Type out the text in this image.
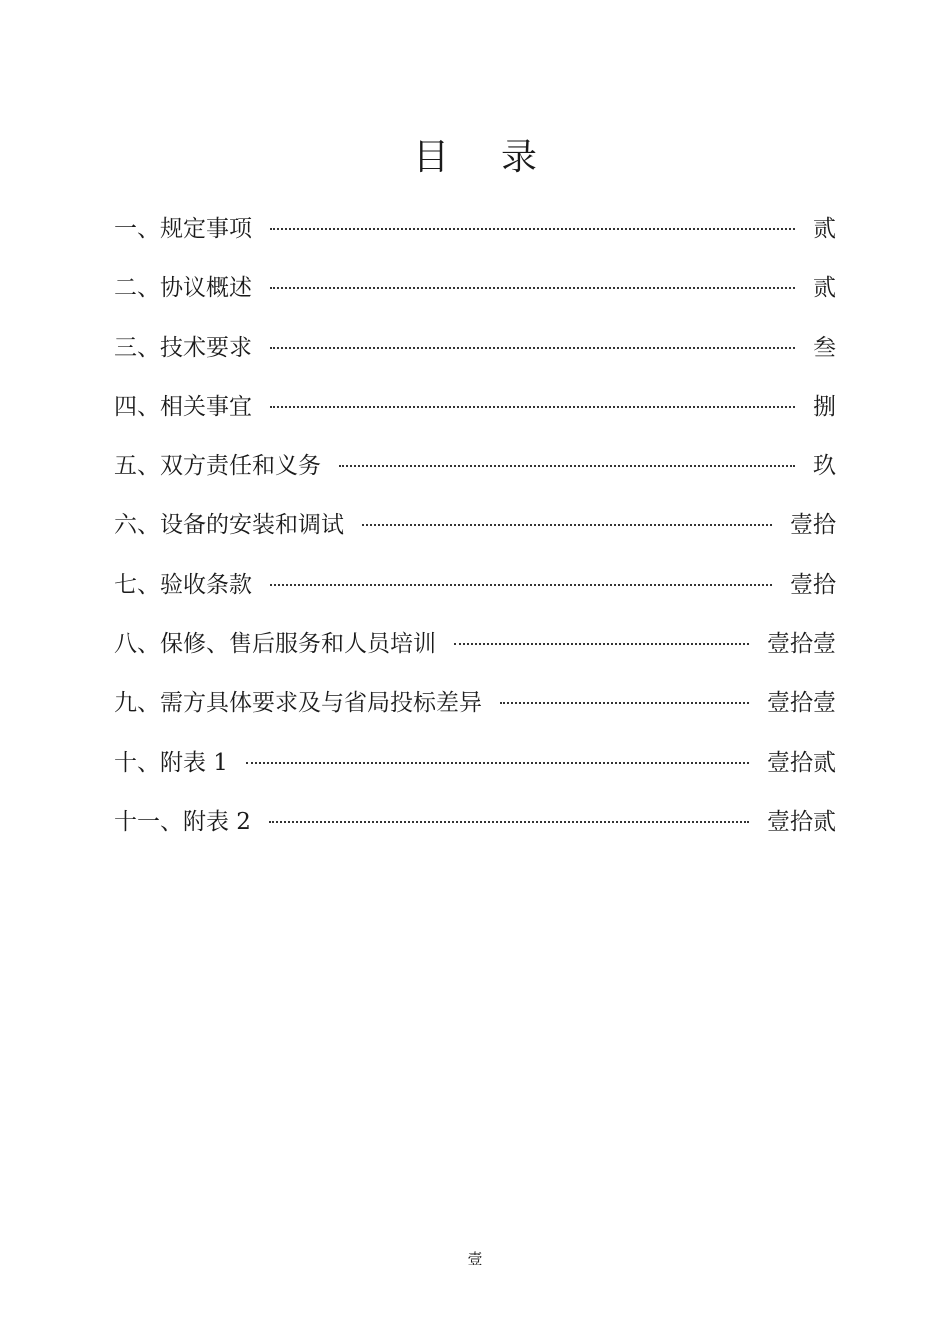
目 录
一、规定事项	贰
二、协议概述	贰
三、技术要求	叁
四、相关事宜	捌
五、双方责任和义务	玖
六、设备的安装和调试	壹拾
七、验收条款	壹拾
八、保修、售后服务和人员培训	壹拾壹
九、需方具体要求及与省局投标差异	壹拾壹
十、附表 1	壹拾贰
十一、附表 2	壹拾贰
壹
